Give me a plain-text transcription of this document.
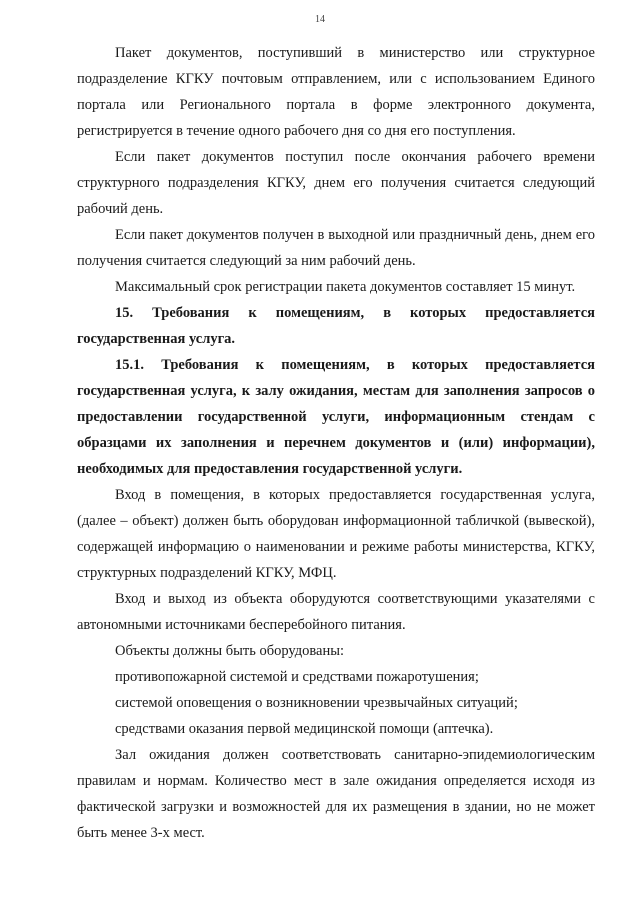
14

Пакет документов, поступивший в министерство или структурное подразделение КГКУ почтовым отправлением, или с использованием Единого портала или Регионального портала в форме электронного документа, регистрируется в течение одного рабочего дня со дня его поступления.

Если пакет документов поступил после окончания рабочего времени структурного подразделения КГКУ, днем его получения считается следующий рабочий день.

Если пакет документов получен в выходной или праздничный день, днем его получения считается следующий за ним рабочий день.

Максимальный срок регистрации пакета документов составляет 15 минут.

15. Требования к помещениям, в которых предоставляется государственная услуга.

15.1. Требования к помещениям, в которых предоставляется государственная услуга, к залу ожидания, местам для заполнения запросов о предоставлении государственной услуги, информационным стендам с образцами их заполнения и перечнем документов и (или) информации), необходимых для предоставления государственной услуги.

Вход в помещения, в которых предоставляется государственная услуга, (далее – объект) должен быть оборудован информационной табличкой (вывеской), содержащей информацию о наименовании и режиме работы министерства, КГКУ, структурных подразделений КГКУ, МФЦ.

Вход и выход из объекта оборудуются соответствующими указателями с автономными источниками бесперебойного питания.

Объекты должны быть оборудованы:

противопожарной системой и средствами пожаротушения;

системой оповещения о возникновении чрезвычайных ситуаций;

средствами оказания первой медицинской помощи (аптечка).

Зал ожидания должен соответствовать санитарно-эпидемиологическим правилам и нормам. Количество мест в зале ожидания определяется исходя из фактической загрузки и возможностей для их размещения в здании, но не может быть менее 3-х мест.
